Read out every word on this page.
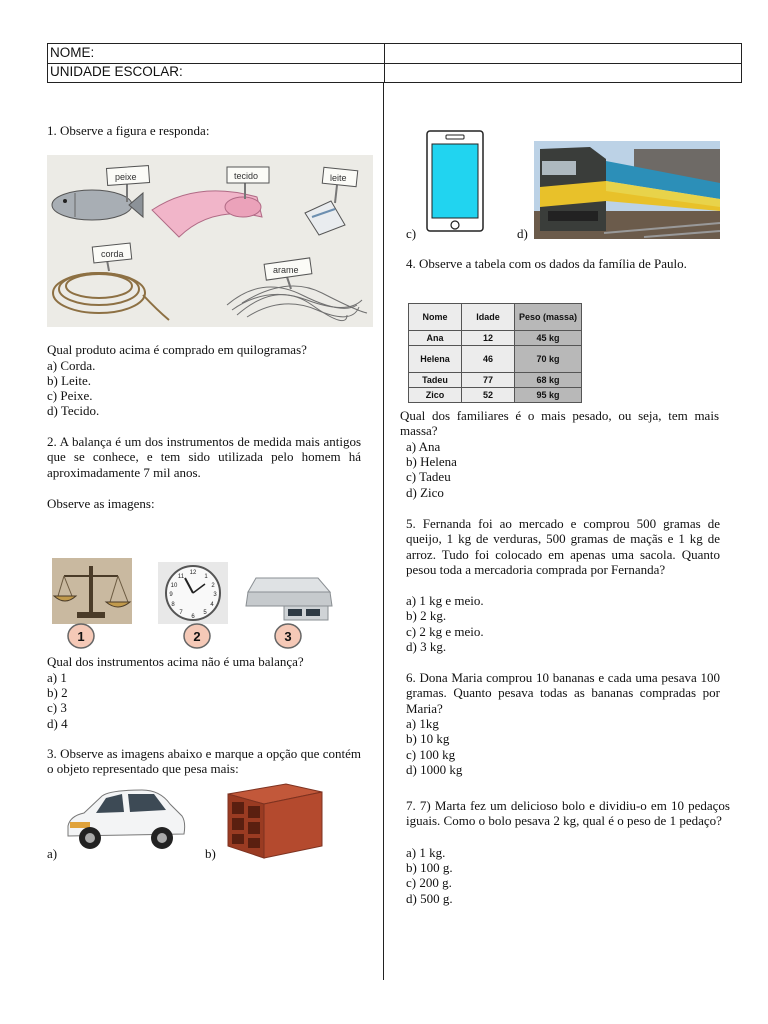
NOME:
UNIDADE ESCOLAR:
1. Observe a figura e responda:
peixe	tecido	leite
corda
arame
Qual produto acima é comprado em quilogramas?
a) Corda.
b) Leite.
c) Peixe.
d) Tecido.
2. A balança é um dos instrumentos de medida mais antigos que se conhece, e tem sido utilizada pelo homem há aproximadamente 7 mil anos.
Observe as imagens:
12
1
2
3
4
5
6
7
8
9
10
11
1	2	3
Qual dos instrumentos acima não é uma balança?
a) 1
b) 2
c) 3
d) 4
3. Observe as imagens abaixo e marque a opção que contém o objeto representado que pesa mais:
a)	b)
c)	d)
4. Observe a tabela com os dados da família de Paulo.
Nome	Idade	Peso (massa)
Ana	12	45 kg
Helena	46	70 kg
Tadeu	77	68 kg
Zico	52	95 kg
Qual dos familiares é o mais pesado, ou seja, tem mais massa?
a) Ana
b) Helena
c) Tadeu
d) Zico
5. Fernanda foi ao mercado e comprou 500 gramas de queijo, 1 kg de verduras, 500 gramas de maçãs e 1 kg de arroz. Tudo foi colocado em apenas uma sacola. Quanto pesou toda a mercadoria comprada por Fernanda?
a) 1 kg e meio.
b) 2 kg.
c) 2 kg e meio.
d) 3 kg.
6. Dona Maria comprou 10 bananas e cada uma pesava 100 gramas. Quanto pesava todas as bananas compradas por Maria?
a) 1kg
b) 10 kg
c) 100 kg
d) 1000 kg
7. 7) Marta fez um delicioso bolo e dividiu-o em 10 pedaços iguais. Como o bolo pesava 2 kg, qual é o peso de 1 pedaço?
a) 1 kg.
b) 100 g.
c) 200 g.
d) 500 g.
